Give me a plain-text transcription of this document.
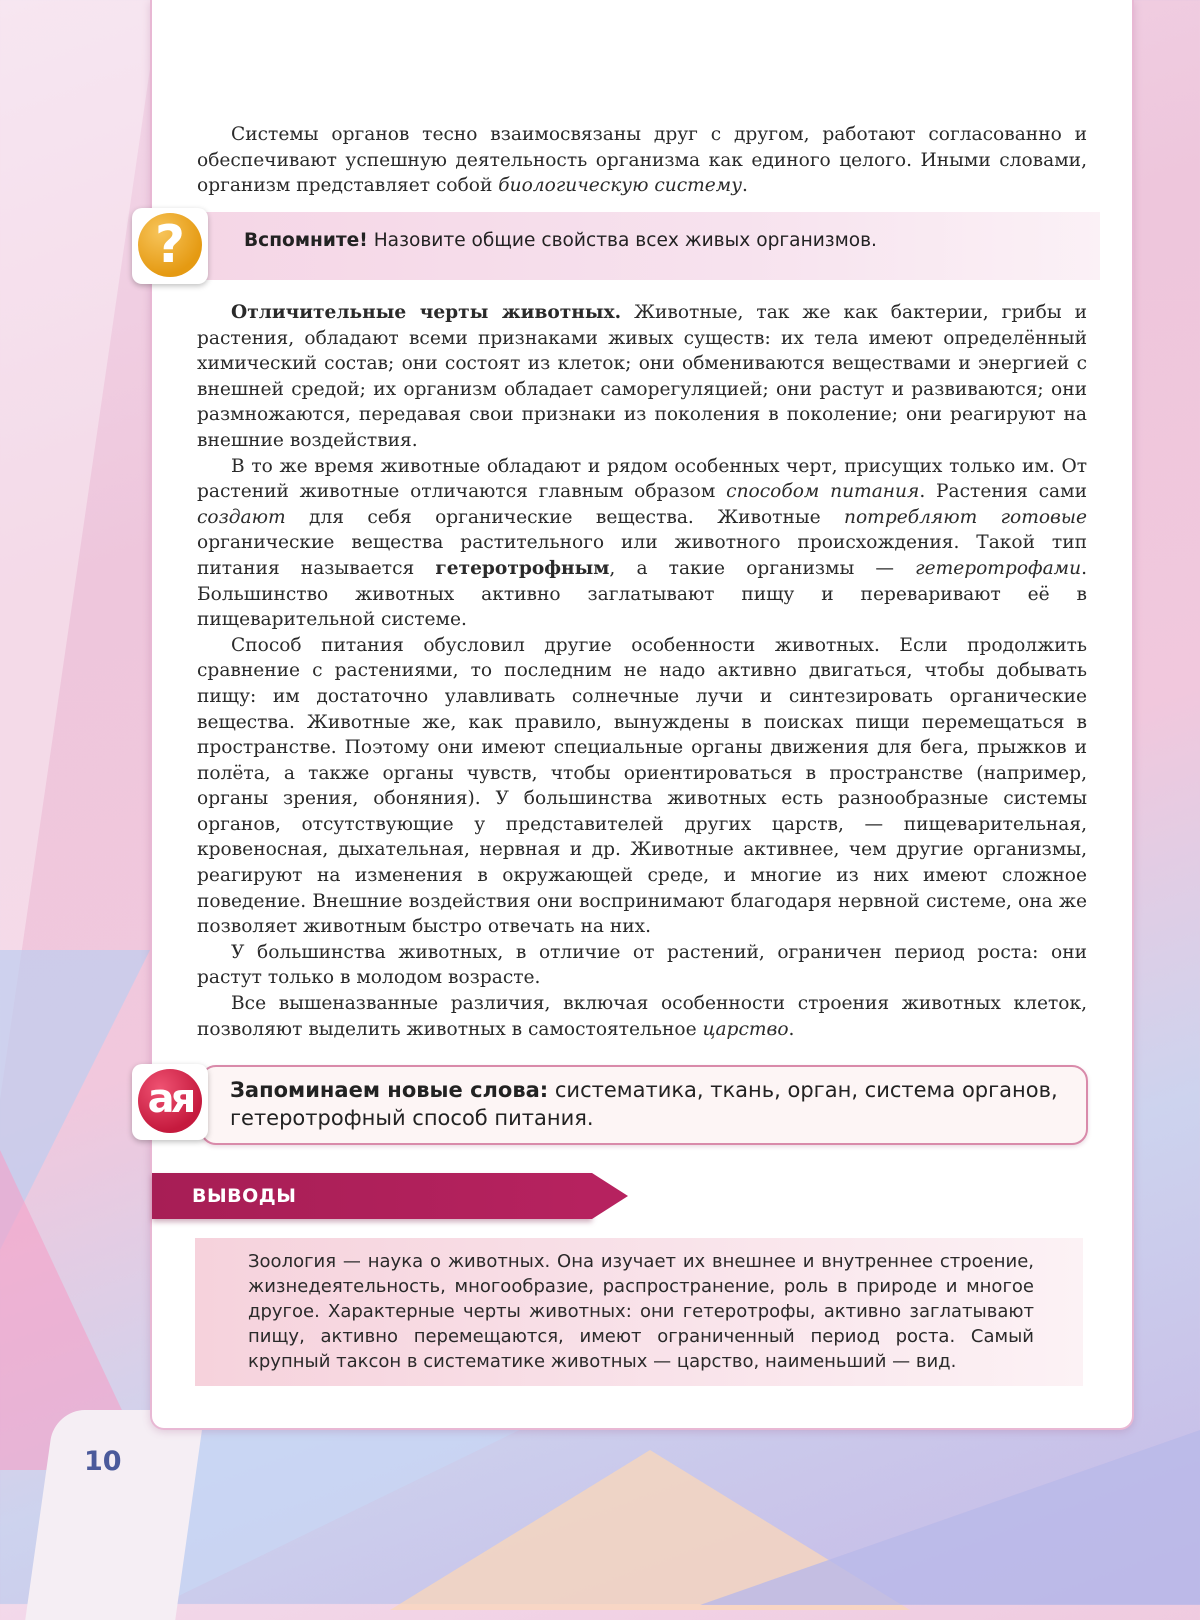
10

Системы органов тесно взаимосвязаны друг с другом, работают согласованно и обеспечивают успешную деятельность организма как единого целого. Иными словами, организм представляет собой биологическую систему.

?	Вспомните! Назовите общие свойства всех живых организмов.

Отличительные черты животных. Животные, так же как бактерии, грибы и растения, обладают всеми признаками живых существ: их тела имеют определённый химический состав; они состоят из клеток; они обмениваются веществами и энергией с внешней средой; их организм обладает саморегуляцией; они растут и развиваются; они размножаются, передавая свои признаки из поколения в поколение; они реагируют на внешние воздействия.

В то же время животные обладают и рядом особенных черт, присущих только им. От растений животные отличаются главным образом способом питания. Растения сами создают для себя органические вещества. Животные потребляют готовые органические вещества растительного или животного происхождения. Такой тип питания называется гетеротрофным, а такие организмы — гетеротрофами. Большинство животных активно заглатывают пищу и переваривают её в пищеварительной системе.

Способ питания обусловил другие особенности животных. Если продолжить сравнение с растениями, то последним не надо активно двигаться, чтобы добывать пищу: им достаточно улавливать солнечные лучи и синтезировать органические вещества. Животные же, как правило, вынуждены в поисках пищи перемещаться в пространстве. Поэтому они имеют специальные органы движения для бега, прыжков и полёта, а также органы чувств, чтобы ориентироваться в пространстве (например, органы зрения, обоняния). У большинства животных есть разнообразные системы органов, отсутствующие у представителей других царств, — пищеварительная, кровеносная, дыхательная, нервная и др. Животные активнее, чем другие организмы, реагируют на изменения в окружающей среде, и многие из них имеют сложное поведение. Внешние воздействия они воспринимают благодаря нервной системе, она же позволяет животным быстро отвечать на них.

У большинства животных, в отличие от растений, ограничен период роста: они растут только в молодом возрасте.

Все вышеназванные различия, включая особенности строения животных клеток, позволяют выделить животных в самостоятельное царство.

ая	Запоминаем новые слова: систематика, ткань, орган, система органов, гетеротрофный способ питания.
ВЫВОДЫ
Зоология — наука о животных. Она изучает их внешнее и внутреннее строение, жизнедеятельность, многообразие, распространение, роль в природе и многое другое. Характерные черты животных: они гетеротрофы, активно заглатывают пищу, активно перемещаются, имеют ограниченный период роста. Самый крупный таксон в систематике животных — царство, наименьший — вид.
